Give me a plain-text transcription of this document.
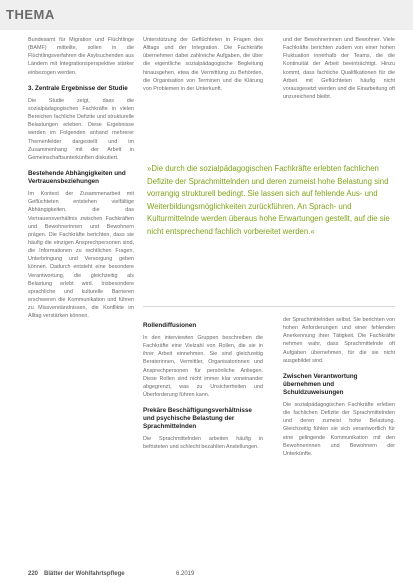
THEMA

Bundesamt für Migration und Flüchtlinge (BAMF) mitteilte, sollen in die Flüchtlingsverfahren die Asylsuchenden aus Ländern mit Integrationsperspektive stärker einbezogen werden.

3. Zentrale Ergebnisse der Studie

Die Studie zeigt, dass die sozialpädagogischen Fachkräfte in vielen Bereichen fachliche Defizite und strukturelle Belastungen erleben. Diese Ergebnisse werden im Folgenden anhand mehrerer Themenfelder dargestellt und im Zusammenhang mit der Arbeit in Gemeinschaftsunterkünften diskutiert.

Bestehende Abhängigkeiten und Vertrauensbeziehungen

Im Kontext der Zusammenarbeit mit Geflüchteten entstehen vielfältige Abhängigkeiten, die das Vertrauensverhältnis zwischen Fachkräften und Bewohnerinnen und Bewohnern prägen. Die Fachkräfte berichten, dass sie häufig die einzigen Ansprechpersonen sind, die Informationen zu rechtlichen Fragen, Unterbringung und Versorgung geben können. Dadurch entsteht eine besondere Verantwortung, die gleichzeitig als Belastung erlebt wird. Insbesondere sprachliche und kulturelle Barrieren erschweren die Kommunikation und führen zu Missverständnissen, die Konflikte im Alltag verstärken können.

Unterstützung der Geflüchteten in Fragen des Alltags und der Integration. Die Fachkräfte übernehmen dabei zahlreiche Aufgaben, die über die eigentliche sozialpädagogische Begleitung hinausgehen, etwa die Vermittlung zu Behörden, die Organisation von Terminen und die Klärung von Problemen in der Unterkunft.

und der Bewohnerinnen und Bewohner. Viele Fachkräfte berichten zudem von einer hohen Fluktuation innerhalb der Teams, die die Kontinuität der Arbeit beeinträchtigt. Hinzu kommt, dass fachliche Qualifikationen für die Arbeit mit Geflüchteten häufig nicht vorausgesetzt werden und die Einarbeitung oft unzureichend bleibt.

»Die durch die sozialpädagogischen Fachkräfte erlebten fachlichen Defizite der Sprachmittelnden und deren zumeist hohe Belastung sind vorrangig strukturell bedingt. Sie lassen sich auf fehlende Aus- und Weiterbildungsmöglichkeiten zurückführen. An Sprach- und Kulturmittelnde werden überaus hohe Erwartungen gestellt, auf die sie nicht entsprechend fachlich vorbereitet werden.«
Rollendiffusionen

In den interviewten Gruppen beschreiben die Fachkräfte eine Vielzahl von Rollen, die sie in ihrer Arbeit einnehmen. Sie sind gleichzeitig Beraterinnen, Vermittler, Organisatorinnen und Ansprechpersonen für persönliche Anliegen. Diese Rollen sind nicht immer klar voneinander abgegrenzt, was zu Unsicherheiten und Überforderung führen kann.

Prekäre Beschäftigungsverhältnisse und psychische Belastung der Sprachmittelnden

Die Sprachmittelnden arbeiten häufig in befristeten und schlecht bezahlten Anstellungen.

der Sprachmittelnden selbst. Sie berichten von hohen Anforderungen und einer fehlenden Anerkennung ihrer Tätigkeit. Die Fachkräfte nehmen wahr, dass Sprachmittelnde oft Aufgaben übernehmen, für die sie nicht ausgebildet sind.

Zwischen Verantwortung übernehmen und Schuldzuweisungen

Die sozialpädagogischen Fachkräfte erleben die fachlichen Defizite der Sprachmittelnden und deren zumeist hohe Belastung. Gleichzeitig fühlen sie sich verantwortlich für eine gelingende Kommunikation mit den Bewohnerinnen und Bewohnern der Unterkünfte.

220 Blätter der Wohlfahrtspflege	6.2019
